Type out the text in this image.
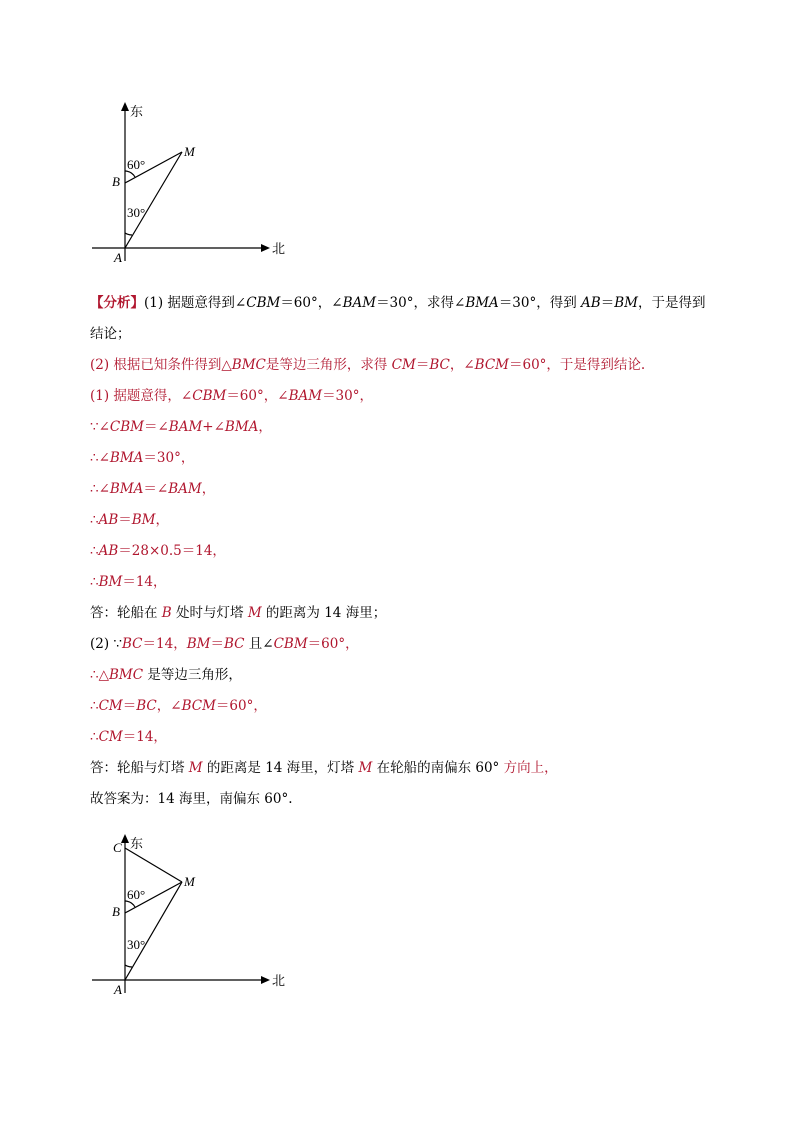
东
北
A
B
M
60°
30°
【分析】(1) 据题意得到∠CBM＝60°，∠BAM＝30°，求得∠BMA＝30°，得到 AB＝BM，于是得到
结论；
(2) 根据已知条件得到△BMC是等边三角形，求得 CM＝BC，∠BCM＝60°，于是得到结论.
(1) 据题意得，∠CBM＝60°，∠BAM＝30°，
∵∠CBM＝∠BAM+∠BMA，
∴∠BMA＝30°，
∴∠BMA＝∠BAM，
∴AB＝BM，
∴AB＝28×0.5＝14，
∴BM＝14，
答：轮船在 B 处时与灯塔 M 的距离为 14 海里；
(2) ∵BC＝14，BM＝BC 且∠CBM＝60°，
∴△BMC 是等边三角形，
∴CM＝BC，∠BCM＝60°，
∴CM＝14，
答：轮船与灯塔 M 的距离是 14 海里，灯塔 M 在轮船的南偏东 60° 方向上，
故答案为：14 海里，南偏东 60°.
东
北
A
B
C
M
60°
30°
